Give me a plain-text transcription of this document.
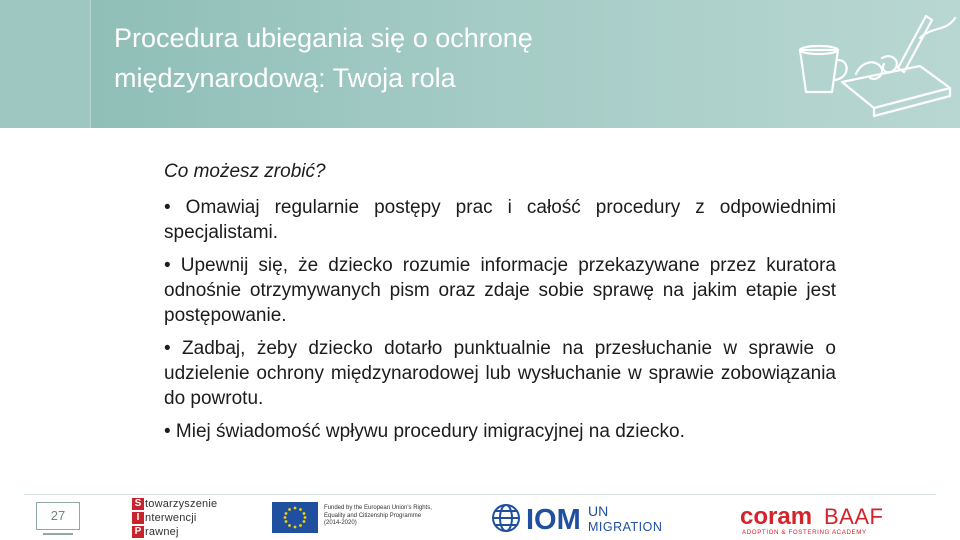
Procedura ubiegania się o ochronę
międzynarodową: Twoja rola
Co możesz zrobić?
• Omawiaj regularnie postępy prac i całość procedury z odpowiednimi specjalistami.
• Upewnij się, że dziecko rozumie informacje przekazywane przez kuratora odnośnie otrzymywanych pism oraz zdaje sobie sprawę na jakim etapie jest postępowanie.
• Zadbaj, żeby dziecko dotarło punktualnie na przesłuchanie w sprawie o udzielenie ochrony międzynarodowej lub wysłuchanie w sprawie zobowiązania do powrotu.
• Miej świadomość wpływu procedury imigracyjnej na dziecko.
27
S towarzyszenie
I nterwencji
P rawnej
Funded by the European Union's Rights, Equality and Citizenship Programme (2014-2020)	IOM UN
MIGRATION	coram BAAF
ADOPTION & FOSTERING ACADEMY
